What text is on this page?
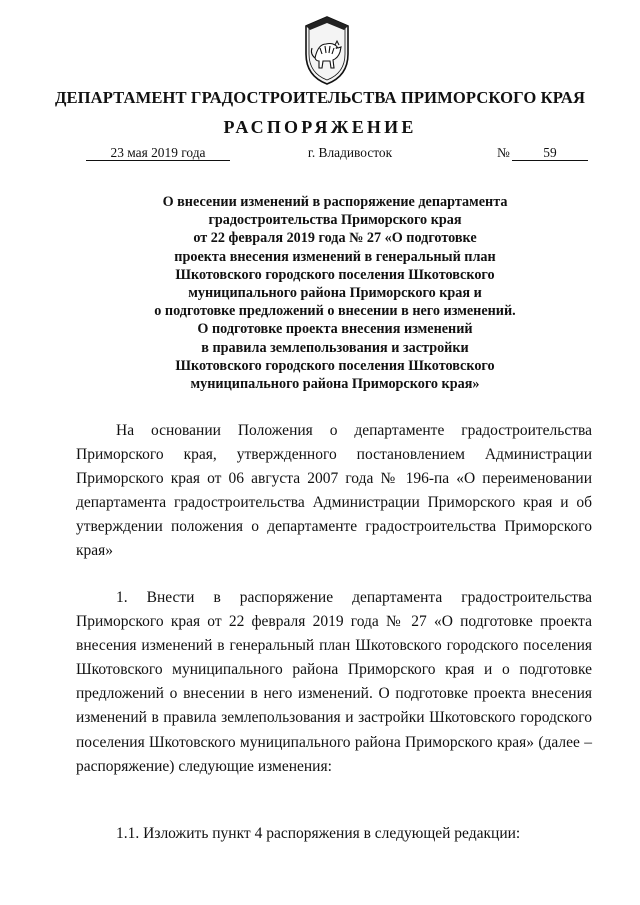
ДЕПАРТАМЕНТ ГРАДОСТРОИТЕЛЬСТВА ПРИМОРСКОГО КРАЯ
РАСПОРЯЖЕНИЕ
23 мая 2019 года	г. Владивосток	№	59

О внесении изменений в распоряжение департамента
градостроительства Приморского края
от 22 февраля 2019 года № 27 «О подготовке
проекта внесения изменений в генеральный план
Шкотовского городского поселения Шкотовского
муниципального района Приморского края и
о подготовке предложений о внесении в него изменений.
О подготовке проекта внесения изменений
в правила землепользования и застройки
Шкотовского городского поселения Шкотовского
муниципального района Приморского края»

На основании Положения о департаменте градостроительства
Приморского края, утвержденного постановлением Администрации
Приморского края от 06 августа 2007 года № 196-па «О переименовании
департамента градостроительства Администрации Приморского края и об
утверждении положения о департаменте градостроительства Приморского
края»

1. Внести в распоряжение департамента градостроительства
Приморского края от 22 февраля 2019 года № 27 «О подготовке проекта
внесения изменений в генеральный план Шкотовского городского поселения
Шкотовского муниципального района Приморского края и о подготовке
предложений о внесении в него изменений. О подготовке проекта внесения
изменений в правила землепользования и застройки Шкотовского городского
поселения Шкотовского муниципального района Приморского края» (далее –
распоряжение) следующие изменения:

1.1. Изложить пункт 4 распоряжения в следующей редакции:
